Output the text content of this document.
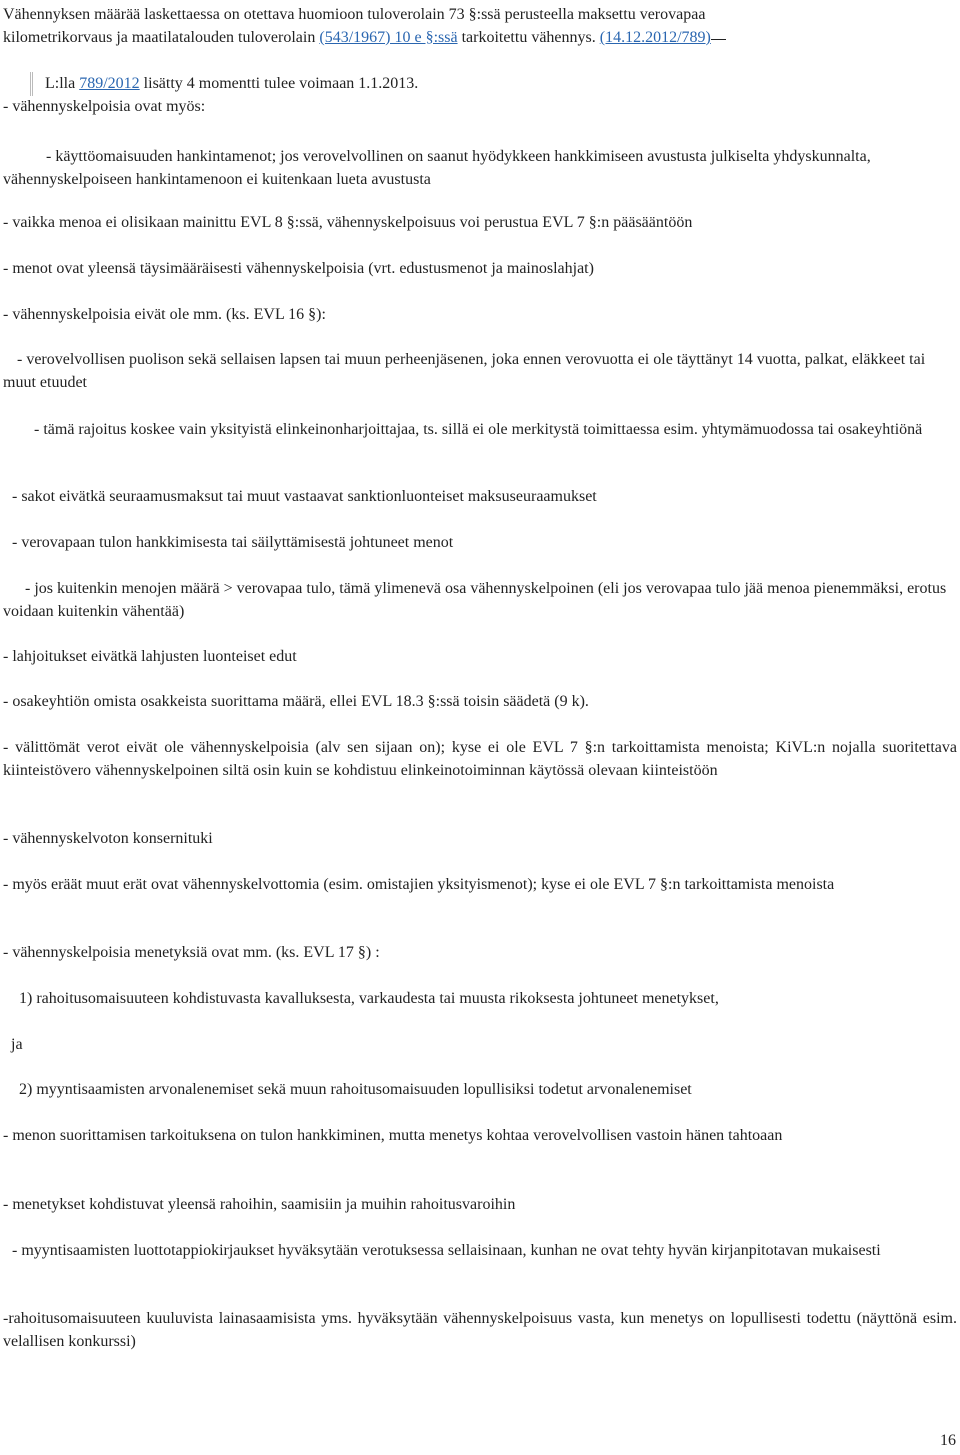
Vähennyksen määrää laskettaessa on otettava huomioon tuloverolain 73 §:ssä perusteella maksettu verovapaa
kilometrikorvaus ja maatilatalouden tuloverolain (543/1967) 10 e §:ssä tarkoitettu vähennys. (14.12.2012/789)
L:lla 789/2012 lisätty 4 momentti tulee voimaan 1.1.2013.

- vähennyskelpoisia ovat myös:

- käyttöomaisuuden hankintamenot; jos verovelvollinen on saanut hyödykkeen hankkimiseen avustusta julkiselta yhdyskunnalta, vähennyskelpoiseen hankintamenoon ei kuitenkaan lueta avustusta

- vaikka menoa ei olisikaan mainittu EVL 8 §:ssä, vähennyskelpoisuus voi perustua EVL 7 §:n pääsääntöön

- menot ovat yleensä täysimääräisesti vähennyskelpoisia (vrt. edustusmenot ja mainoslahjat)

- vähennyskelpoisia eivät ole mm. (ks. EVL 16 §):

- verovelvollisen puolison sekä sellaisen lapsen tai muun perheenjäsenen, joka ennen verovuotta ei ole täyttänyt 14 vuotta, palkat, eläkkeet tai muut etuudet

- tämä rajoitus koskee vain yksityistä elinkeinonharjoittajaa, ts. sillä ei ole merkitystä toimittaessa esim. yhtymämuodossa tai osakeyhtiönä

- sakot eivätkä seuraamusmaksut tai muut vastaavat sanktionluonteiset maksuseuraamukset

- verovapaan tulon hankkimisesta tai säilyttämisestä johtuneet menot

- jos kuitenkin menojen määrä > verovapaa tulo, tämä ylimenevä osa vähennyskelpoinen (eli jos verovapaa tulo jää menoa pienemmäksi, erotus voidaan kuitenkin vähentää)

- lahjoitukset eivätkä lahjusten luonteiset edut

- osakeyhtiön omista osakkeista suorittama määrä, ellei EVL 18.3 §:ssä toisin säädetä (9 k).

- välittömät verot eivät ole vähennyskelpoisia (alv sen sijaan on); kyse ei ole EVL 7 §:n tarkoittamista menoista; KiVL:n nojalla suoritettava kiinteistövero vähennyskelpoinen siltä osin kuin se kohdistuu elinkeinotoiminnan käytössä olevaan kiinteistöön

- vähennyskelvoton konsernituki

- myös eräät muut erät ovat vähennyskelvottomia (esim. omistajien yksityismenot); kyse ei ole EVL 7 §:n tarkoittamista menoista

- vähennyskelpoisia menetyksiä ovat mm. (ks. EVL 17 §) :

1) rahoitusomaisuuteen kohdistuvasta kavalluksesta, varkaudesta tai muusta rikoksesta johtuneet menetykset,

ja

2) myyntisaamisten arvonalenemiset sekä muun rahoitusomaisuuden lopullisiksi todetut arvonalenemiset

- menon suorittamisen tarkoituksena on tulon hankkiminen, mutta menetys kohtaa verovelvollisen vastoin hänen tahtoaan

- menetykset kohdistuvat yleensä rahoihin, saamisiin ja muihin rahoitusvaroihin

- myyntisaamisten luottotappiokirjaukset hyväksytään verotuksessa sellaisinaan, kunhan ne ovat tehty hyvän kirjanpitotavan mukaisesti

-rahoitusomaisuuteen kuuluvista lainasaamisista yms. hyväksytään vähennyskelpoisuus vasta, kun menetys on lopullisesti todettu (näyttönä esim. velallisen konkurssi)

16
